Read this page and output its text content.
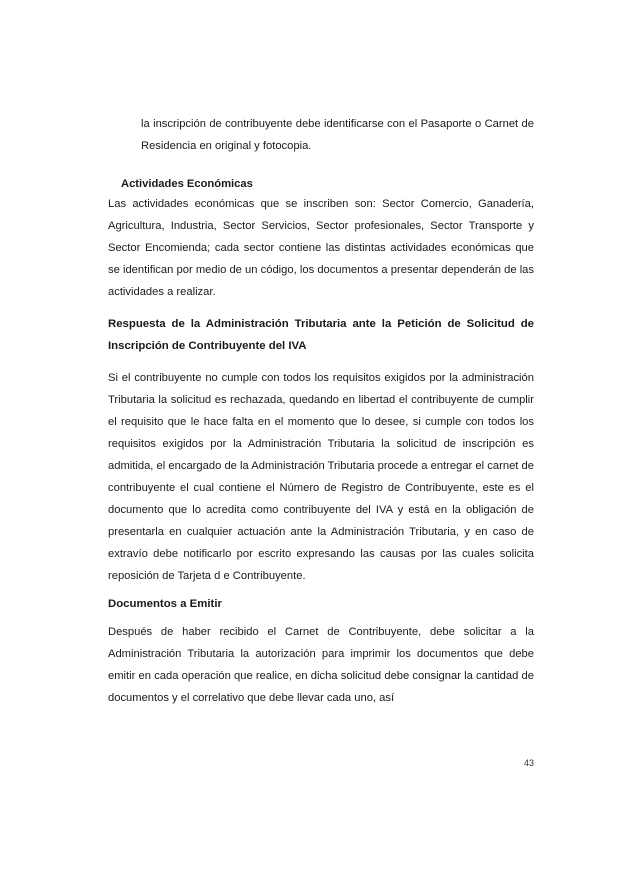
la inscripción de contribuyente debe identificarse con el Pasaporte o Carnet de Residencia en original y fotocopia.

Actividades Económicas

Las actividades económicas que se inscriben son: Sector Comercio, Ganadería, Agricultura, Industria, Sector Servicios, Sector profesionales, Sector Transporte y Sector Encomienda; cada sector contiene las distintas actividades económicas que se identifican por medio de un código, los documentos a presentar dependerán de las actividades a realizar.

Respuesta de la Administración Tributaria ante la Petición de Solicitud de Inscripción de Contribuyente del IVA

Si el contribuyente no cumple con todos los requisitos exigidos por la administración Tributaria la solicitud es rechazada, quedando en libertad el contribuyente de cumplir el requisito que le hace falta en el momento que lo desee, si cumple con todos los requisitos exigidos por la Administración Tributaria la solicitud de inscripción es admitida, el encargado de la Administración Tributaria procede a entregar el carnet de contribuyente el cual contiene el Número de Registro de Contribuyente, este es el documento que lo acredita como contribuyente del IVA y está en la obligación de presentarla en cualquier actuación ante la Administración Tributaria, y en caso de extravío debe notificarlo por escrito expresando las causas por las cuales solicita reposición de Tarjeta d e Contribuyente.

Documentos a Emitir

Después de haber recibido el Carnet de Contribuyente, debe solicitar a la Administración Tributaria la autorización para imprimir los documentos que debe emitir en cada operación que realice, en dicha solicitud debe consignar la cantidad de documentos y el correlativo que debe llevar cada uno, así

43
